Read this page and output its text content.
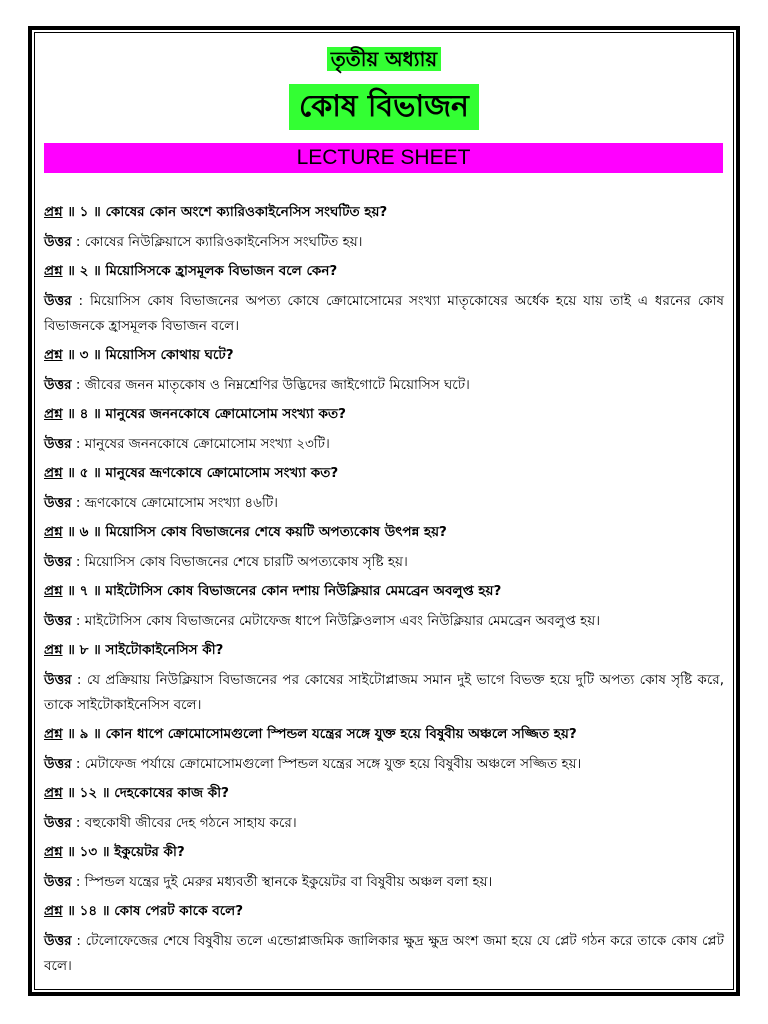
তৃতীয় অধ্যায়
কোষ বিভাজন
LECTURE SHEET
প্রশ্ন ॥ ১ ॥ কোষের কোন অংশে ক্যারিওকাইনেসিস সংঘটিত হয়?
উত্তর : কোষের নিউক্লিয়াসে ক্যারিওকাইনেসিস সংঘটিত হয়।
প্রশ্ন ॥ ২ ॥ মিয়োসিসকে হ্রাসমূলক বিভাজন বলে কেন?
উত্তর : মিয়োসিস কোষ বিভাজনের অপত্য কোষে ক্রোমোসোমের সংখ্যা মাতৃকোষের অর্ধেক হয়ে যায় তাই এ ধরনের কোষ বিভাজনকে হ্রাসমূলক বিভাজন বলে।
প্রশ্ন ॥ ৩ ॥ মিয়োসিস কোথায় ঘটে?
উত্তর : জীবের জনন মাতৃকোষ ও নিম্নশ্রেণির উদ্ভিদের জাইগোটে মিয়োসিস ঘটে।
প্রশ্ন ॥ ৪ ॥ মানুষের জননকোষে ক্রোমোসোম সংখ্যা কত?
উত্তর : মানুষের জননকোষে ক্রোমোসোম সংখ্যা ২৩টি।
প্রশ্ন ॥ ৫ ॥ মানুষের ভ্রূণকোষে ক্রোমোসোম সংখ্যা কত?
উত্তর : ভ্রূণকোষে ক্রোমোসোম সংখ্যা ৪৬টি।
প্রশ্ন ॥ ৬ ॥ মিয়োসিস কোষ বিভাজনের শেষে কয়টি অপত্যকোষ উৎপন্ন হয়?
উত্তর : মিয়োসিস কোষ বিভাজনের শেষে চারটি অপত্যকোষ সৃষ্টি হয়।
প্রশ্ন ॥ ৭ ॥ মাইটোসিস কোষ বিভাজনের কোন দশায় নিউক্লিয়ার মেমব্রেন অবলুপ্ত হয়?
উত্তর : মাইটোসিস কোষ বিভাজনের মেটাফেজ ধাপে নিউক্লিওলাস এবং নিউক্লিয়ার মেমব্রেন অবলুপ্ত হয়।
প্রশ্ন ॥ ৮ ॥ সাইটোকাইনেসিস কী?
উত্তর : যে প্রক্রিয়ায় নিউক্লিয়াস বিভাজনের পর কোষের সাইটোপ্লাজম সমান দুই ভাগে বিভক্ত হয়ে দুটি অপত্য কোষ সৃষ্টি করে, তাকে সাইটোকাইনেসিস বলে।
প্রশ্ন ॥ ৯ ॥ কোন ধাপে ক্রোমোসোমগুলো স্পিন্ডল যন্ত্রের সঙ্গে যুক্ত হয়ে বিষুবীয় অঞ্চলে সজ্জিত হয়?
উত্তর : মেটাফেজ পর্যায়ে ক্রোমোসোমগুলো স্পিন্ডল যন্ত্রের সঙ্গে যুক্ত হয়ে বিষুবীয় অঞ্চলে সজ্জিত হয়।
প্রশ্ন ॥ ১২ ॥ দেহকোষের কাজ কী?
উত্তর : বহুকোষী জীবের দেহ গঠনে সাহায করে।
প্রশ্ন ॥ ১৩ ॥ ইকুয়েটর কী?
উত্তর : স্পিন্ডল যন্ত্রের দুই মেরুর মধ্যবর্তী স্থানকে ইকুয়েটর বা বিষুবীয় অঞ্চল বলা হয়।
প্রশ্ন ॥ ১৪ ॥ কোষ পেরট কাকে বলে?
উত্তর : টেলোফেজের শেষে বিষুবীয় তলে এন্ডোপ্লাজমিক জালিকার ক্ষুদ্র ক্ষুদ্র অংশ জমা হয়ে যে প্লেট গঠন করে তাকে কোষ প্লেট বলে।
